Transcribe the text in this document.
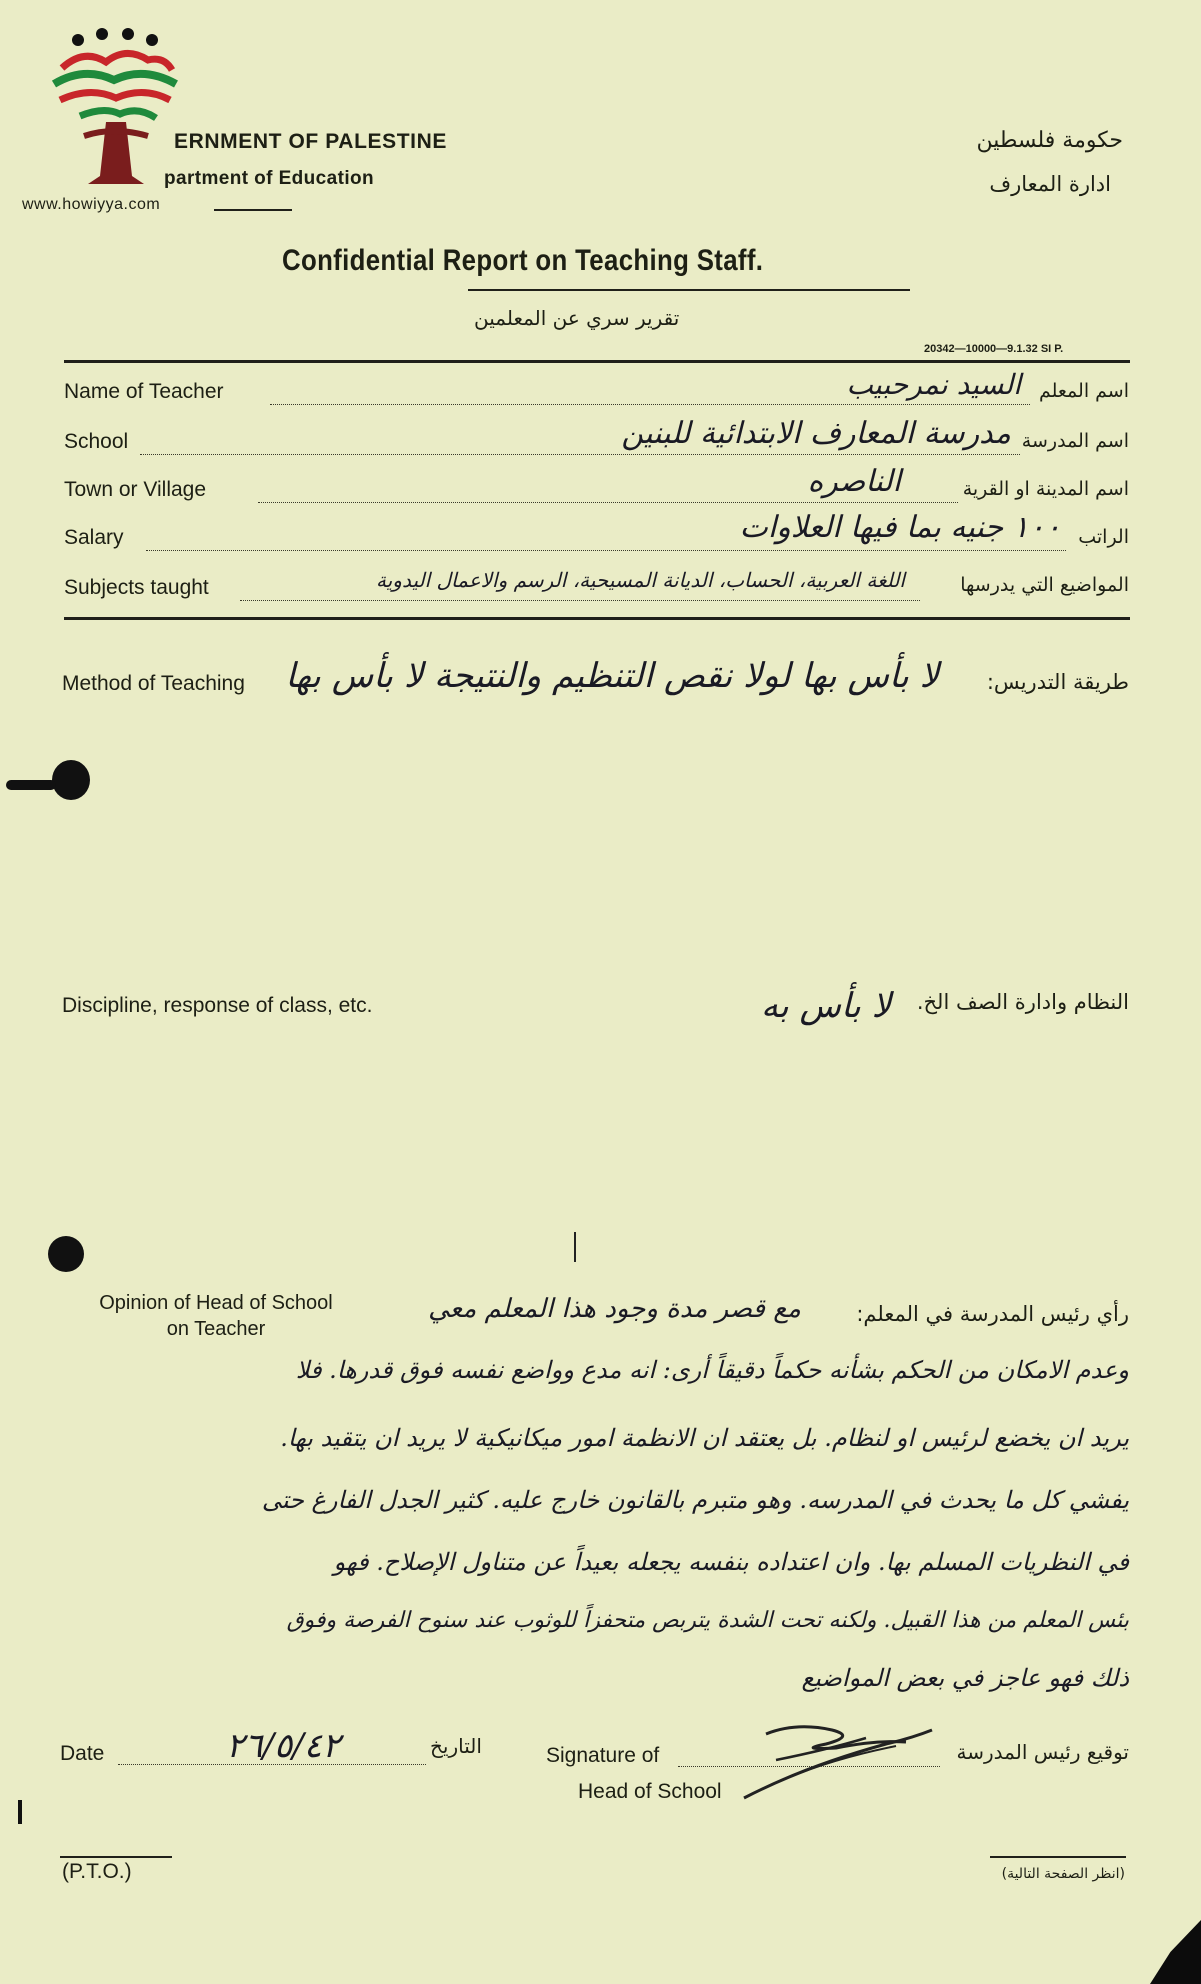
www.howiyya.com
ERNMENT OF PALESTINE
partment of Education
حكومة فلسطين
ادارة المعارف
Confidential Report on Teaching Staff.
تقرير سري عن المعلمين
20342—10000—9.1.32 SI P.
Name of Teacher	السيد نمرحبيب اسم المعلم
School	مدرسة المعارف الابتدائية للبنين اسم المدرسة
Town or Village	الناصره	اسم المدينة او القرية
Salary	١٠٠ جنيه بما فيها العلاوات الراتب
Subjects taught	اللغة العربية، الحساب، الديانة المسيحية، الرسم والاعمال اليدوية	المواضيع التي يدرسها
Method of Teaching	طريقة التدريس:
لا بأس بها لولا نقص التنظيم والنتيجة لا بأس بها
Discipline, response of class, etc.	النظام وادارة الصف الخ.
لا بأس به
Opinion of Head of School
on Teacher
رأي رئيس المدرسة في المعلم:
مع قصر مدة وجود هذا المعلم معي
وعدم الامكان من الحكم بشأنه حكماً دقيقاً أرى: انه مدع وواضع نفسه فوق قدرها. فلا
يريد ان يخضع لرئيس او لنظام. بل يعتقد ان الانظمة امور ميكانيكية لا يريد ان يتقيد بها.
يفشي كل ما يحدث في المدرسه. وهو متبرم بالقانون خارج عليه. كثير الجدل الفارغ حتى
في النظريات المسلم بها. وان اعتداده بنفسه يجعله بعيداً عن متناول الإصلاح. فهو
بئس المعلم من هذا القبيل. ولكنه تحت الشدة يتربص متحفزاً للوثوب عند سنوح الفرصة وفوق
ذلك فهو عاجز في بعض المواضيع
Date	٢٦/٥/٤٢	التاريخ	Signature of
Head of School
توقيع رئيس المدرسة
(P.T.O.)	(انظر الصفحة التالية)
